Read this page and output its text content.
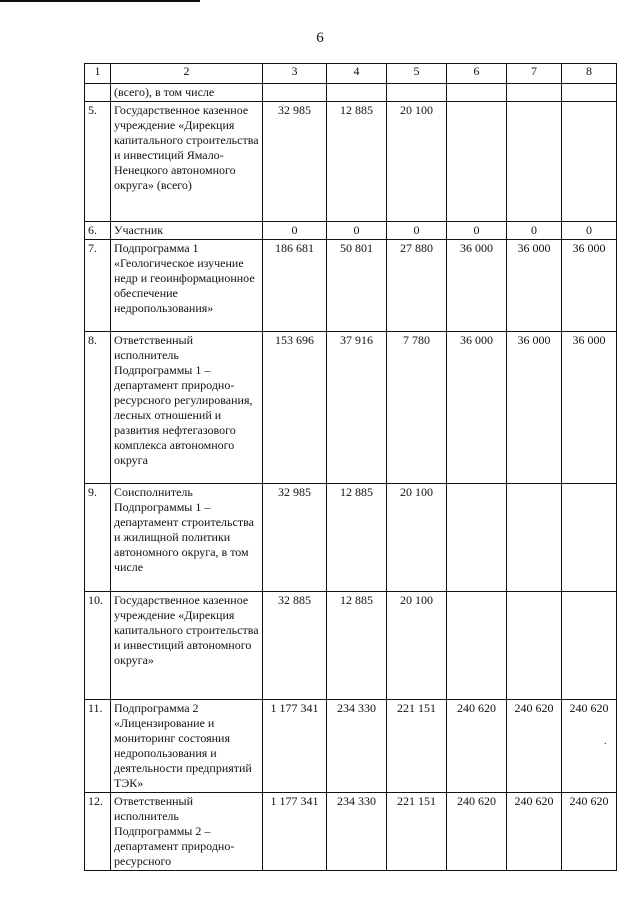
6
1	2	3	4	5	6	7	8
	(всего), в том числе						
5.	Государственное казенное учреждение «Дирекция капитального строительства и инвестиций Ямало-Ненецкого автономного округа» (всего)	32 985	12 885	20 100			
6.	Участник	0	0	0	0	0	0
7.	Подпрограмма 1 «Геологическое изучение недр и геоинформационное обеспечение недропользования»	186 681	50 801	27 880	36 000	36 000	36 000
8.	Ответственный исполнитель Подпрограммы 1 – департамент природно-ресурсного регулирования, лесных отношений и развития нефтегазового комплекса автономного округа	153 696	37 916	7 780	36 000	36 000	36 000
9.	Соисполнитель Подпрограммы 1 – департамент строительства и жилищной политики автономного округа, в том числе	32 985	12 885	20 100			
10.	Государственное казенное учреждение «Дирекция капитального строительства и инвестиций автономного округа»	32 885	12 885	20 100			
11.	Подпрограмма 2 «Лицензирование и мониторинг состояния недропользования и деятельности предприятий ТЭК»	1 177 341	234 330	221 151	240 620	240 620	240 620
12.	Ответственный исполнитель Подпрограммы 2 – департамент природно-ресурсного	1 177 341	234 330	221 151	240 620	240 620	240 620
.
